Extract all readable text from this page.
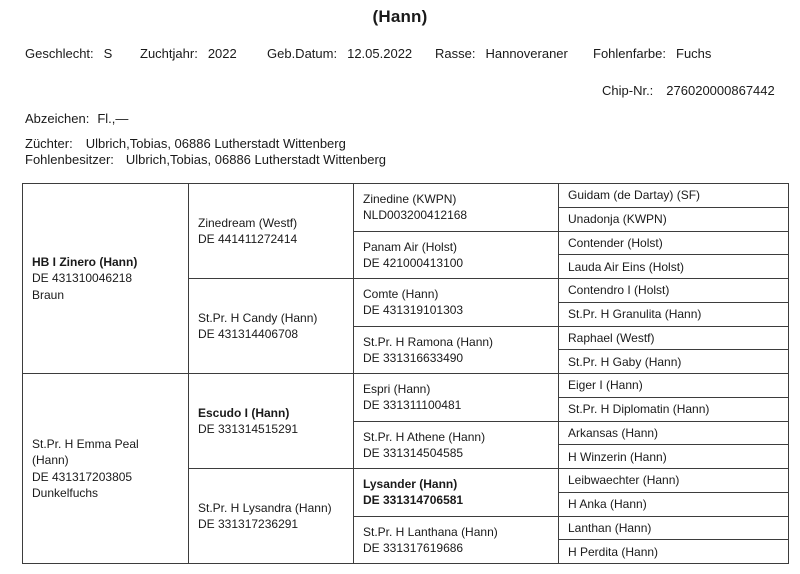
(Hann)
Geschlecht: S Zuchtjahr: 2022 Geb.Datum: 12.05.2022 Rasse: Hannoveraner Fohlenfarbe: Fuchs
Chip-Nr.: 276020000867442
Abzeichen: Fl.,—
Züchter: Ulbrich,Tobias, 06886 Lutherstadt Wittenberg
Fohlenbesitzer: Ulbrich,Tobias, 06886 Lutherstadt Wittenberg
HB I Zinero (Hann)
DE 431310046218
Braun
St.Pr. H Emma Peal (Hann)
DE 431317203805
Dunkelfuchs
Zinedream (Westf)
DE 441411272414
St.Pr. H Candy (Hann)
DE 431314406708
Escudo I (Hann)
DE 331314515291
St.Pr. H Lysandra (Hann)
DE 331317236291
Zinedine (KWPN)
NLD003200412168
Panam Air (Holst)
DE 421000413100
Comte (Hann)
DE 431319101303
St.Pr. H Ramona (Hann)
DE 331316633490
Espri (Hann)
DE 331311100481
St.Pr. H Athene (Hann)
DE 331314504585
Lysander (Hann)
DE 331314706581
St.Pr. H Lanthana (Hann)
DE 331317619686
Guidam (de Dartay) (SF)
Unadonja (KWPN)
Contender (Holst)
Lauda Air Eins (Holst)
Contendro I (Holst)
St.Pr. H Granulita (Hann)
Raphael (Westf)
St.Pr. H Gaby (Hann)
Eiger I (Hann)
St.Pr. H Diplomatin (Hann)
Arkansas (Hann)
H Winzerin (Hann)
Leibwaechter (Hann)
H Anka (Hann)
Lanthan (Hann)
H Perdita (Hann)
